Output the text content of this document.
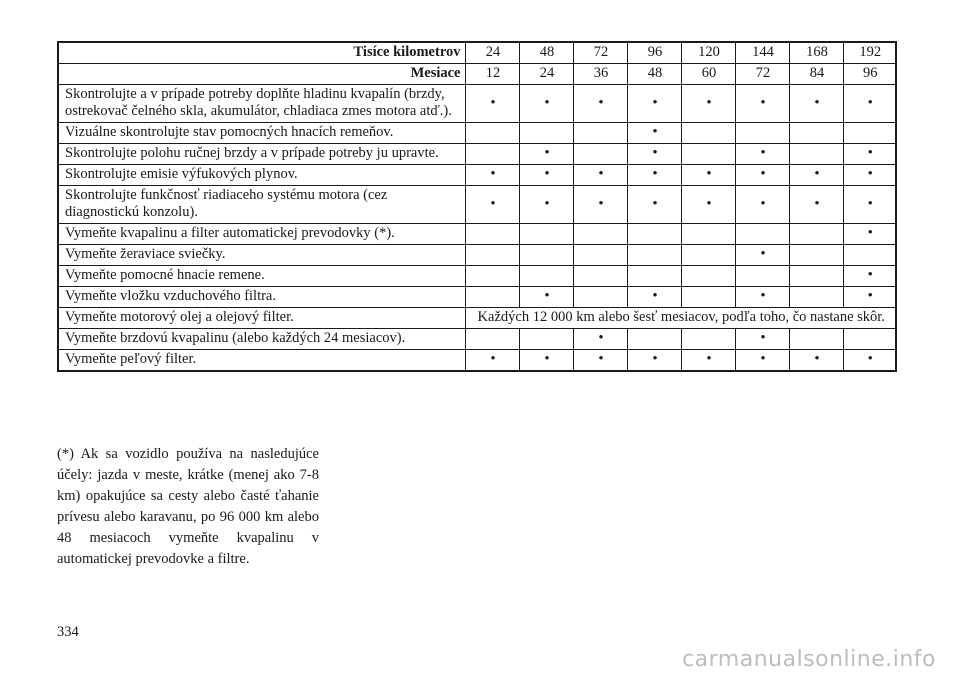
Tisíce kilometrov	24	48	72	96	120	144	168	192
Mesiace	12	24	36	48	60	72	84	96
Skontrolujte a v prípade potreby doplňte hladinu kvapalín (brzdy, ostrekovač čelného skla, akumulátor, chladiaca zmes motora atď.).	•	•	•	•	•	•	•	•
Vizuálne skontrolujte stav pomocných hnacích remeňov.				•				
Skontrolujte polohu ručnej brzdy a v prípade potreby ju upravte.		•		•		•		•
Skontrolujte emisie výfukových plynov.	•	•	•	•	•	•	•	•
Skontrolujte funkčnosť riadiaceho systému motora (cez diagnostickú konzolu).	•	•	•	•	•	•	•	•
Vymeňte kvapalinu a filter automatickej prevodovky (*).								•
Vymeňte žeraviace sviečky.						•		
Vymeňte pomocné hnacie remene.								•
Vymeňte vložku vzduchového filtra.		•		•		•		•
Vymeňte motorový olej a olejový filter.	Každých 12 000 km alebo šesť mesiacov, podľa toho, čo nastane skôr.							
Vymeňte brzdovú kvapalinu (alebo každých 24 mesiacov).			•			•		
Vymeňte peľový filter.	•	•	•	•	•	•	•	•
(*) Ak sa vozidlo používa na nasledujúce účely: jazda v meste, krátke (menej ako 7-8 km) opakujúce sa cesty alebo časté ťahanie prívesu alebo karavanu, po 96 000 km alebo 48 mesiacoch vymeňte kvapalinu v automatickej prevodovke a filtre.
334
carmanualsonline.info
